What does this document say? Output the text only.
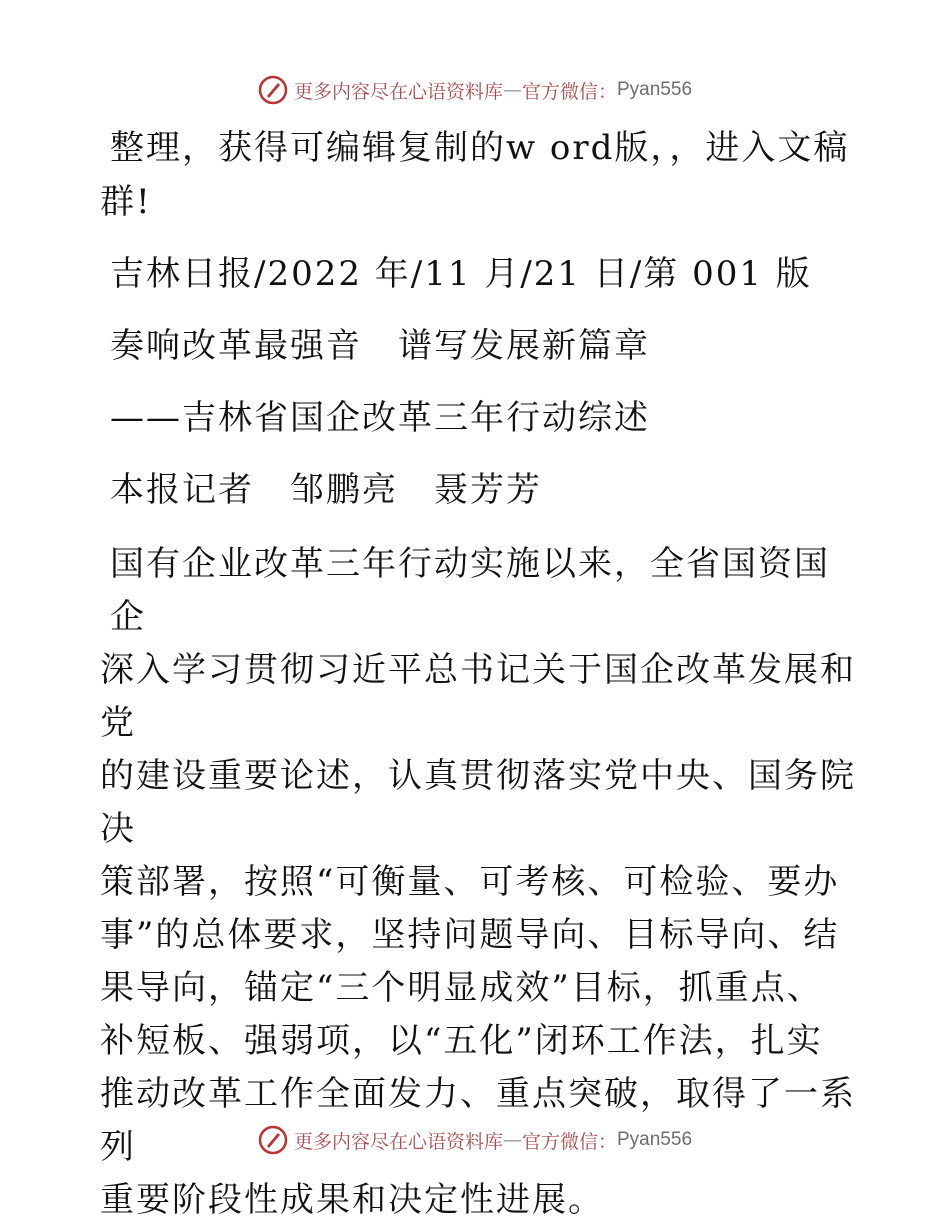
更多内容尽在心语资料库 — 官方微信： Pyan556

整理，获得可编辑复制的w ord版，，进入文稿

群!

吉林日报/2022 年/11 月/21 日/第 001 版

奏响改革最强音　谱写发展新篇章

——吉林省国企改革三年行动综述

本报记者　邹鹏亮　聂芳芳

国有企业改革三年行动实施以来，全省国资国企

深入学习贯彻习近平总书记关于国企改革发展和党

的建设重要论述，认真贯彻落实党中央、国务院决

策部署，按照“可衡量、可考核、可检验、要办

事”的总体要求，坚持问题导向、目标导向、结

果导向，锚定“三个明显成效”目标，抓重点、

补短板、强弱项，以“五化”闭环工作法，扎实

推动改革工作全面发力、重点突破，取得了一系列

重要阶段性成果和决定性进展。

更多内容尽在心语资料库 — 官方微信： Pyan556
